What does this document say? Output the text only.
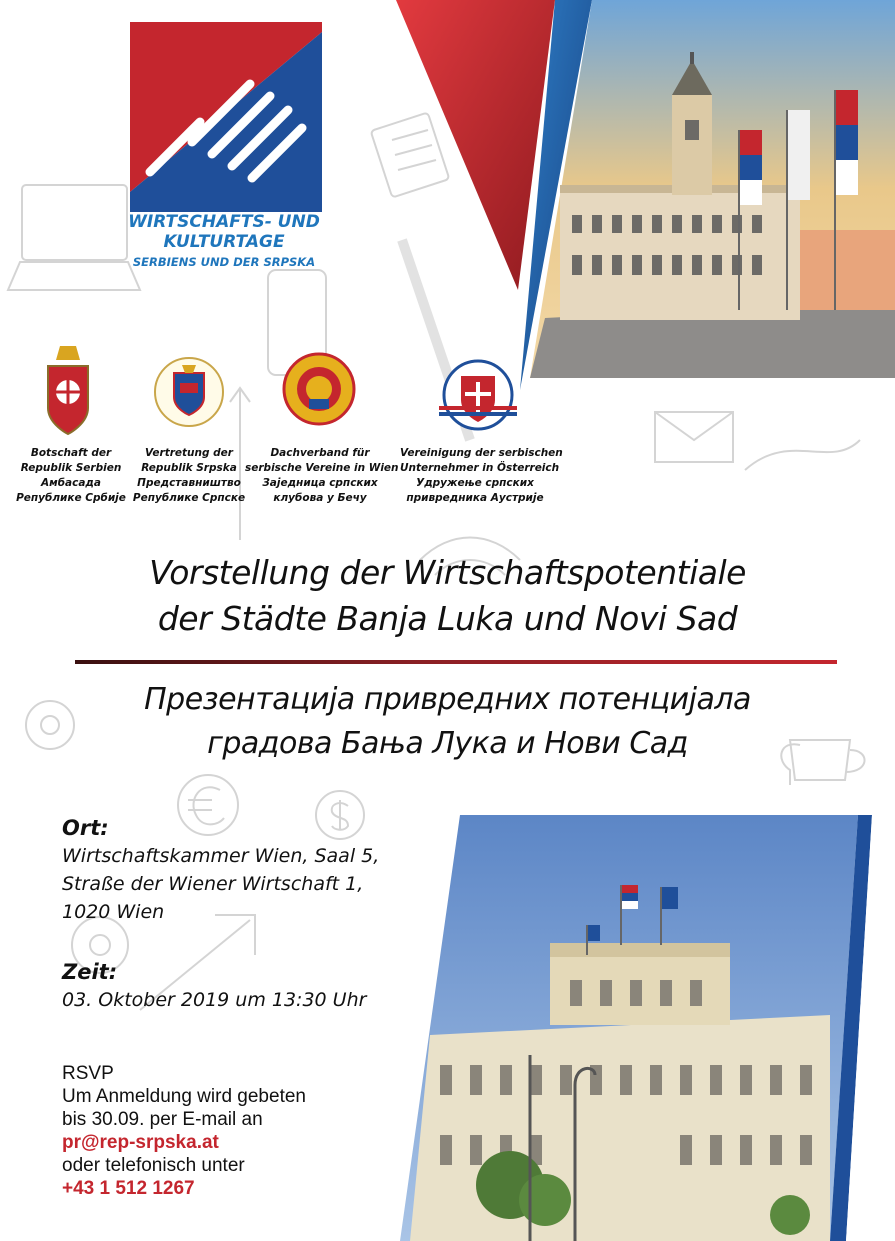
WIRTSCHAFTS- UND
KULTURTAGE
SERBIENS UND DER SRPSKA
Botschaft der
Republik Serbien
Амбасада
Републике Србије
Vertretung der
Republik Srpska
Представништво
Републике Српске
Dachverband für
serbische Vereine in Wien
Заједница српских
клубова у Бечу
Vereinigung der serbischen
Unternehmer in Österreich
Удружење српских
привредника Аустрије
Vorstellung der Wirtschaftspotentiale
der Städte Banja Luka und Novi Sad
Презентација привредних потенцијала
градова Бања Лука и Нови Сад
Ort:
Wirtschaftskammer Wien, Saal 5,
Straße der Wiener Wirtschaft 1,
1020 Wien
Zeit:
03. Oktober 2019 um 13:30 Uhr
RSVP
Um Anmeldung wird gebeten
bis 30.09. per E-mail an
pr@rep-srpska.at
oder telefonisch unter
+43 1 512 1267
